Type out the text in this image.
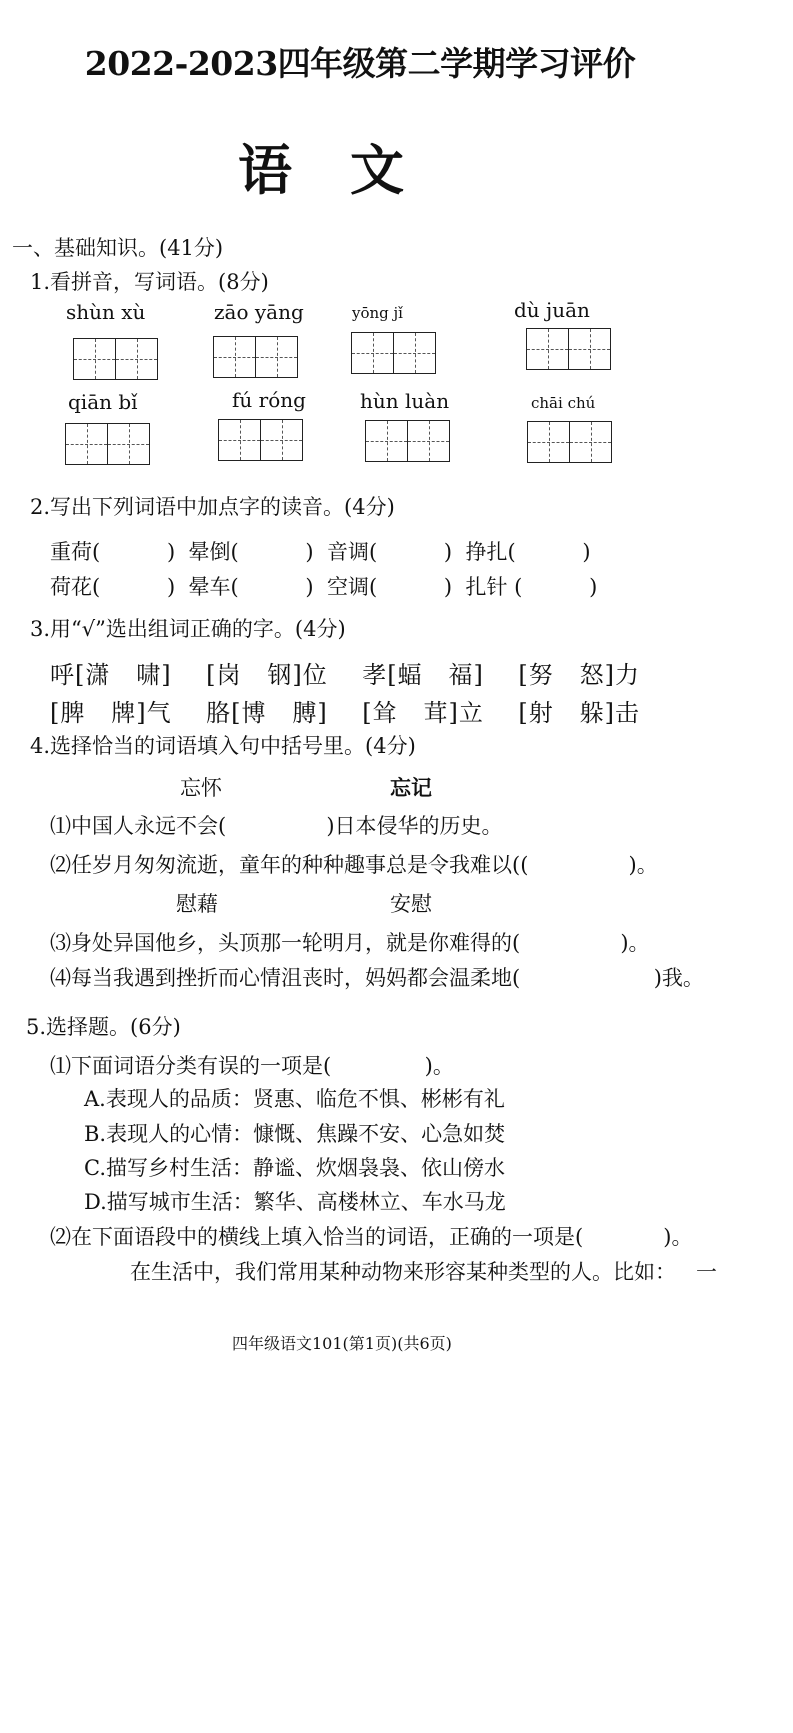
2022-2023四年级第二学期学习评价
语文
一、基础知识。(41分)
1.看拼音，写词语。(8分)
shùn xù	zāo yāng	yōng jǐ	dù juān
qiān bǐ	fú róng	hùn luàn	chāi chú
2.写出下列词语中加点字的读音。(4分)
重荷(          )  晕倒(          )  音调(          )  挣扎(          )
荷花(          )  晕车(          )  空调(          )  扎针 (          )
3.用“√”选出组词正确的字。(4分)
呼[潇   啸]    [岗   钢]位    孝[蝠   福]    [努   怒]力
[脾   牌]气    胳[博   膊]    [耸   茸]立    [射   躲]击
4.选择恰当的词语填入句中括号里。(4分)
忘怀	忘记
⑴中国人永远不会(               )日本侵华的历史。
⑵任岁月匆匆流逝，童年的种种趣事总是令我难以((               )。
慰藉	安慰
⑶身处异国他乡，头顶那一轮明月，就是你难得的(               )。
⑷每当我遇到挫折而心情沮丧时，妈妈都会温柔地(                    )我。
5.选择题。(6分)
⑴下面词语分类有误的一项是(              )。
A.表现人的品质：贤惠、临危不惧、彬彬有礼
B.表现人的心情：慷慨、焦躁不安、心急如焚
C.描写乡村生活：静谧、炊烟袅袅、依山傍水
D.描写城市生活：繁华、高楼林立、车水马龙
⑵在下面语段中的横线上填入恰当的词语，正确的一项是(            )。
在生活中，我们常用某种动物来形容某种类型的人。比如：   一
四年级语文101(第1页)(共6页)
